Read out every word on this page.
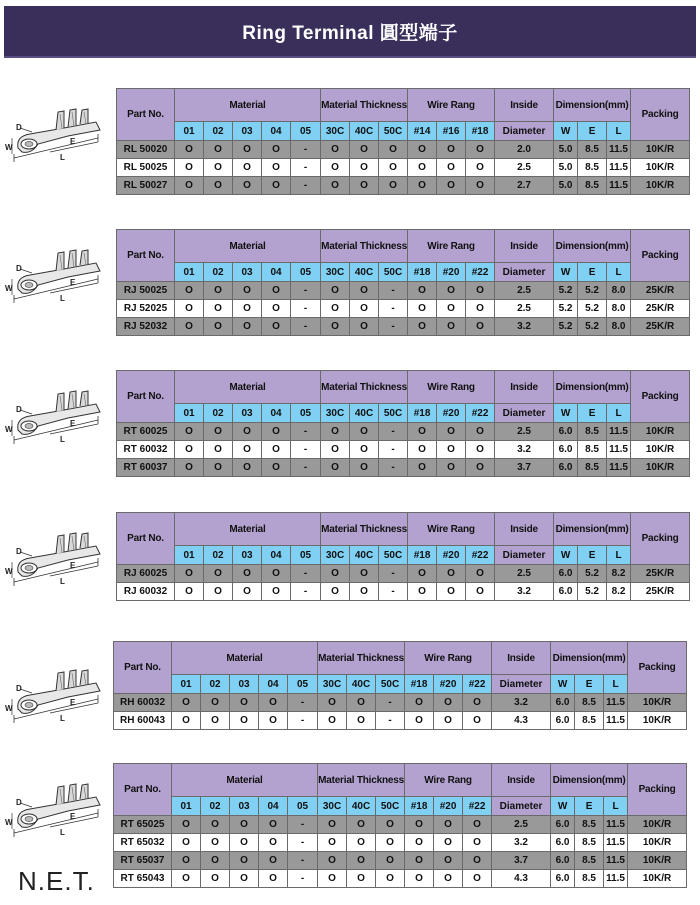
Ring Terminal 圓型端子
D
W
E
L
Part No.	Material					Material Thickness			Wire Rang			Inside	Dimension(mm)			Packing
	01	02	03	04	05	30C	40C	50C	#14	#16	#18	Diameter	W	E	L	
RL 50020	O	O	O	O	-	O	O	O	O	O	O	2.0	5.0	8.5	11.5	10K/R
RL 50025	O	O	O	O	-	O	O	O	O	O	O	2.5	5.0	8.5	11.5	10K/R
RL 50027	O	O	O	O	-	O	O	O	O	O	O	2.7	5.0	8.5	11.5	10K/R
D
W
E
L
Part No.	Material					Material Thickness			Wire Rang			Inside	Dimension(mm)			Packing
	01	02	03	04	05	30C	40C	50C	#18	#20	#22	Diameter	W	E	L	
RJ 50025	O	O	O	O	-	O	O	-	O	O	O	2.5	5.2	5.2	8.0	25K/R
RJ 52025	O	O	O	O	-	O	O	-	O	O	O	2.5	5.2	5.2	8.0	25K/R
RJ 52032	O	O	O	O	-	O	O	-	O	O	O	3.2	5.2	5.2	8.0	25K/R
D
W
E
L
Part No.	Material					Material Thickness			Wire Rang			Inside	Dimension(mm)			Packing
	01	02	03	04	05	30C	40C	50C	#18	#20	#22	Diameter	W	E	L	
RT 60025	O	O	O	O	-	O	O	-	O	O	O	2.5	6.0	8.5	11.5	10K/R
RT 60032	O	O	O	O	-	O	O	-	O	O	O	3.2	6.0	8.5	11.5	10K/R
RT 60037	O	O	O	O	-	O	O	-	O	O	O	3.7	6.0	8.5	11.5	10K/R
D
W
E
L
Part No.	Material					Material Thickness			Wire Rang			Inside	Dimension(mm)			Packing
	01	02	03	04	05	30C	40C	50C	#18	#20	#22	Diameter	W	E	L	
RJ 60025	O	O	O	O	-	O	O	-	O	O	O	2.5	6.0	5.2	8.2	25K/R
RJ 60032	O	O	O	O	-	O	O	-	O	O	O	3.2	6.0	5.2	8.2	25K/R
D
W
E
L
Part No.	Material					Material Thickness			Wire Rang			Inside	Dimension(mm)			Packing
	01	02	03	04	05	30C	40C	50C	#18	#20	#22	Diameter	W	E	L	
RH 60032	O	O	O	O	-	O	O	-	O	O	O	3.2	6.0	8.5	11.5	10K/R
RH 60043	O	O	O	O	-	O	O	-	O	O	O	4.3	6.0	8.5	11.5	10K/R
D
W
E
L
Part No.	Material					Material Thickness			Wire Rang			Inside	Dimension(mm)			Packing
	01	02	03	04	05	30C	40C	50C	#18	#20	#22	Diameter	W	E	L	
RT 65025	O	O	O	O	-	O	O	O	O	O	O	2.5	6.0	8.5	11.5	10K/R
RT 65032	O	O	O	O	-	O	O	O	O	O	O	3.2	6.0	8.5	11.5	10K/R
RT 65037	O	O	O	O	-	O	O	O	O	O	O	3.7	6.0	8.5	11.5	10K/R
RT 65043	O	O	O	O	-	O	O	O	O	O	O	4.3	6.0	8.5	11.5	10K/R
N.E.T.
